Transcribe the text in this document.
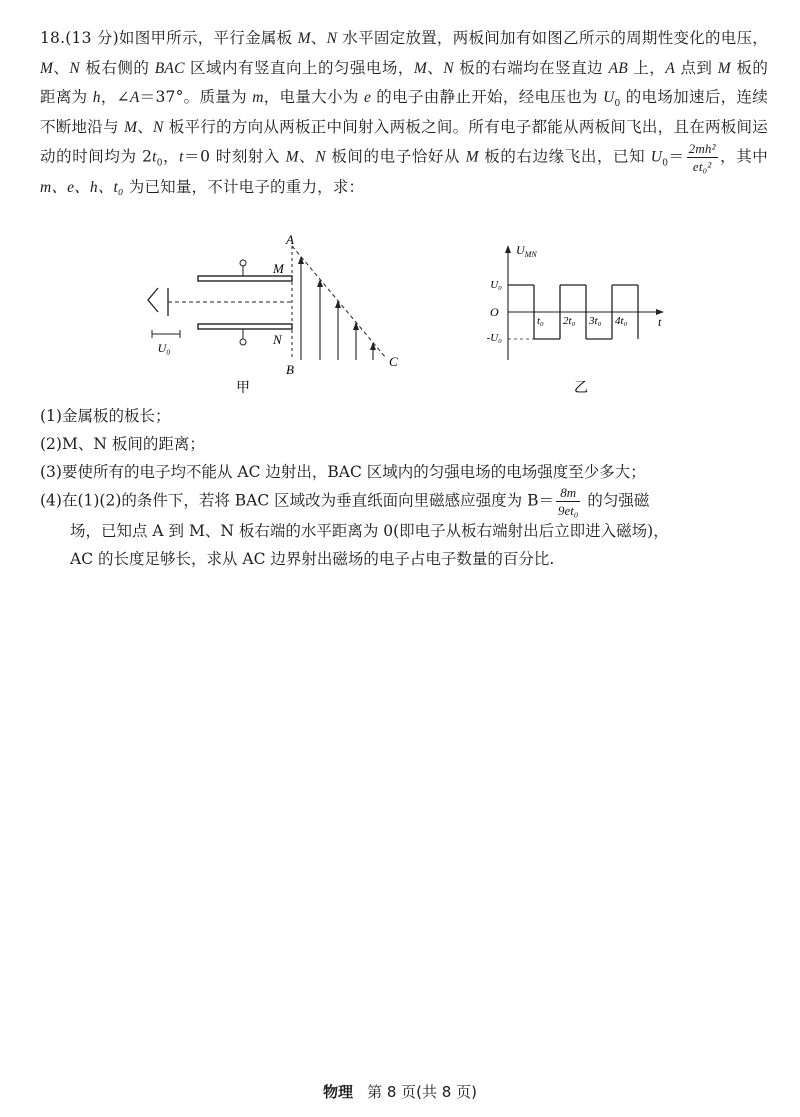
18.(13 分)如图甲所示，平行金属板 M、N 水平固定放置，两板间加有如图乙所示的周期性变化的电压，M、N 板右侧的 BAC 区域内有竖直向上的匀强电场，M、N 板的右端均在竖直边 AB 上，A 点到 M 板的距离为 h，∠A＝37°。质量为 m，电量大小为 e 的电子由静止开始，经电压也为 $U_0$ 的电场加速后，连续不断地沿与 M、N 板平行的方向从两板正中间射入两板之间。所有电子都能从两板间飞出，且在两板间运动的时间均为 $2t_0$，t＝0 时刻射入 M、N 板间的电子恰好从 M 板的右边缘飞出，已知 $U_0= \frac{\text{2mh²}}{\text{et₀²}}$ ，其中 m、e、h、t₀ 为已知量，不计电子的重力，求：

U₀
M
N
A
B
C
甲
$U_{MN}$
t
O
U₀
-U₀
t₀ 2t₀ 3t₀ 4t₀
乙

(1)金属板的板长；

(2)M、N 板间的距离；

(3)要使所有的电子均不能从 AC 边射出，BAC 区域内的匀强电场的电场强度至少多大；

(4)在(1)(2)的条件下，若将 BAC 区域改为垂直纸面向里磁感应强度为 $B= \frac{8m}{\text{9et₀}}$ 的匀强磁

场，已知点 A 到 M、N 板右端的水平距离为 0(即电子从板右端射出后立即进入磁场)，

AC 的长度足够长，求从 AC 边界射出磁场的电子占电子数量的百分比.

物理 第 8 页(共 8 页)
